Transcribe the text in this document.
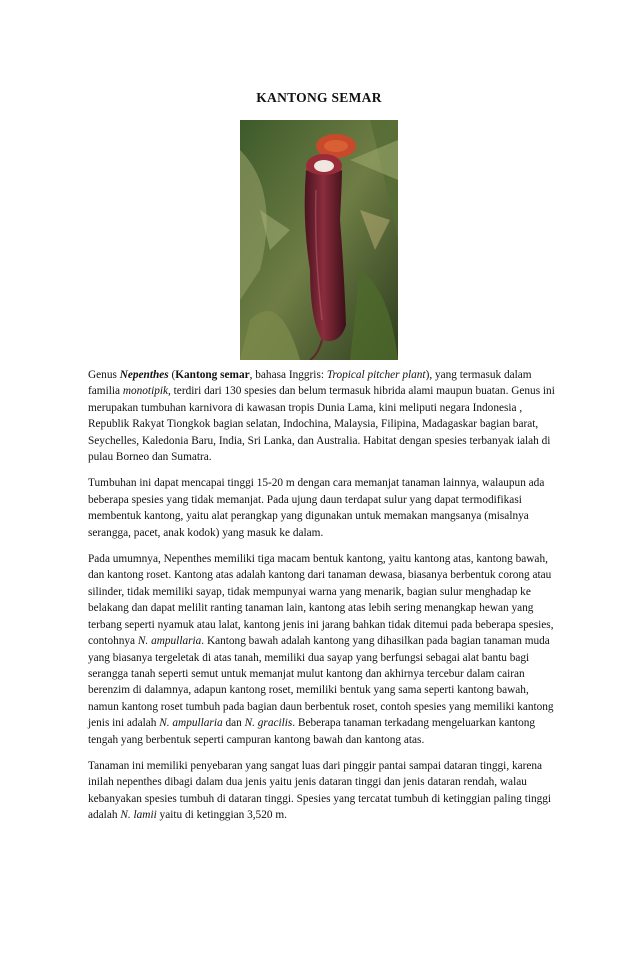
KANTONG SEMAR

Genus Nepenthes (Kantong semar, bahasa Inggris: Tropical pitcher plant), yang termasuk dalam familia monotipik, terdiri dari 130 spesies dan belum termasuk hibrida alami maupun buatan. Genus ini merupakan tumbuhan karnivora di kawasan tropis Dunia Lama, kini meliputi negara Indonesia , Republik Rakyat Tiongkok bagian selatan, Indochina, Malaysia, Filipina, Madagaskar bagian barat, Seychelles, Kaledonia Baru, India, Sri Lanka, dan Australia. Habitat dengan spesies terbanyak ialah di pulau Borneo dan Sumatra.

Tumbuhan ini dapat mencapai tinggi 15-20 m dengan cara memanjat tanaman lainnya, walaupun ada beberapa spesies yang tidak memanjat. Pada ujung daun terdapat sulur yang dapat termodifikasi membentuk kantong, yaitu alat perangkap yang digunakan untuk memakan mangsanya (misalnya serangga, pacet, anak kodok) yang masuk ke dalam.

Pada umumnya, Nepenthes memiliki tiga macam bentuk kantong, yaitu kantong atas, kantong bawah, dan kantong roset. Kantong atas adalah kantong dari tanaman dewasa, biasanya berbentuk corong atau silinder, tidak memiliki sayap, tidak mempunyai warna yang menarik, bagian sulur menghadap ke belakang dan dapat melilit ranting tanaman lain, kantong atas lebih sering menangkap hewan yang terbang seperti nyamuk atau lalat, kantong jenis ini jarang bahkan tidak ditemui pada beberapa spesies, contohnya N. ampullaria. Kantong bawah adalah kantong yang dihasilkan pada bagian tanaman muda yang biasanya tergeletak di atas tanah, memiliki dua sayap yang berfungsi sebagai alat bantu bagi serangga tanah seperti semut untuk memanjat mulut kantong dan akhirnya tercebur dalam cairan berenzim di dalamnya, adapun kantong roset, memiliki bentuk yang sama seperti kantong bawah, namun kantong roset tumbuh pada bagian daun berbentuk roset, contoh spesies yang memiliki kantong jenis ini adalah N. ampullaria dan N. gracilis. Beberapa tanaman terkadang mengeluarkan kantong tengah yang berbentuk seperti campuran kantong bawah dan kantong atas.

Tanaman ini memiliki penyebaran yang sangat luas dari pinggir pantai sampai dataran tinggi, karena inilah nepenthes dibagi dalam dua jenis yaitu jenis dataran tinggi dan jenis dataran rendah, walau kebanyakan spesies tumbuh di dataran tinggi. Spesies yang tercatat tumbuh di ketinggian paling tinggi adalah N. lamii yaitu di ketinggian 3,520 m.
